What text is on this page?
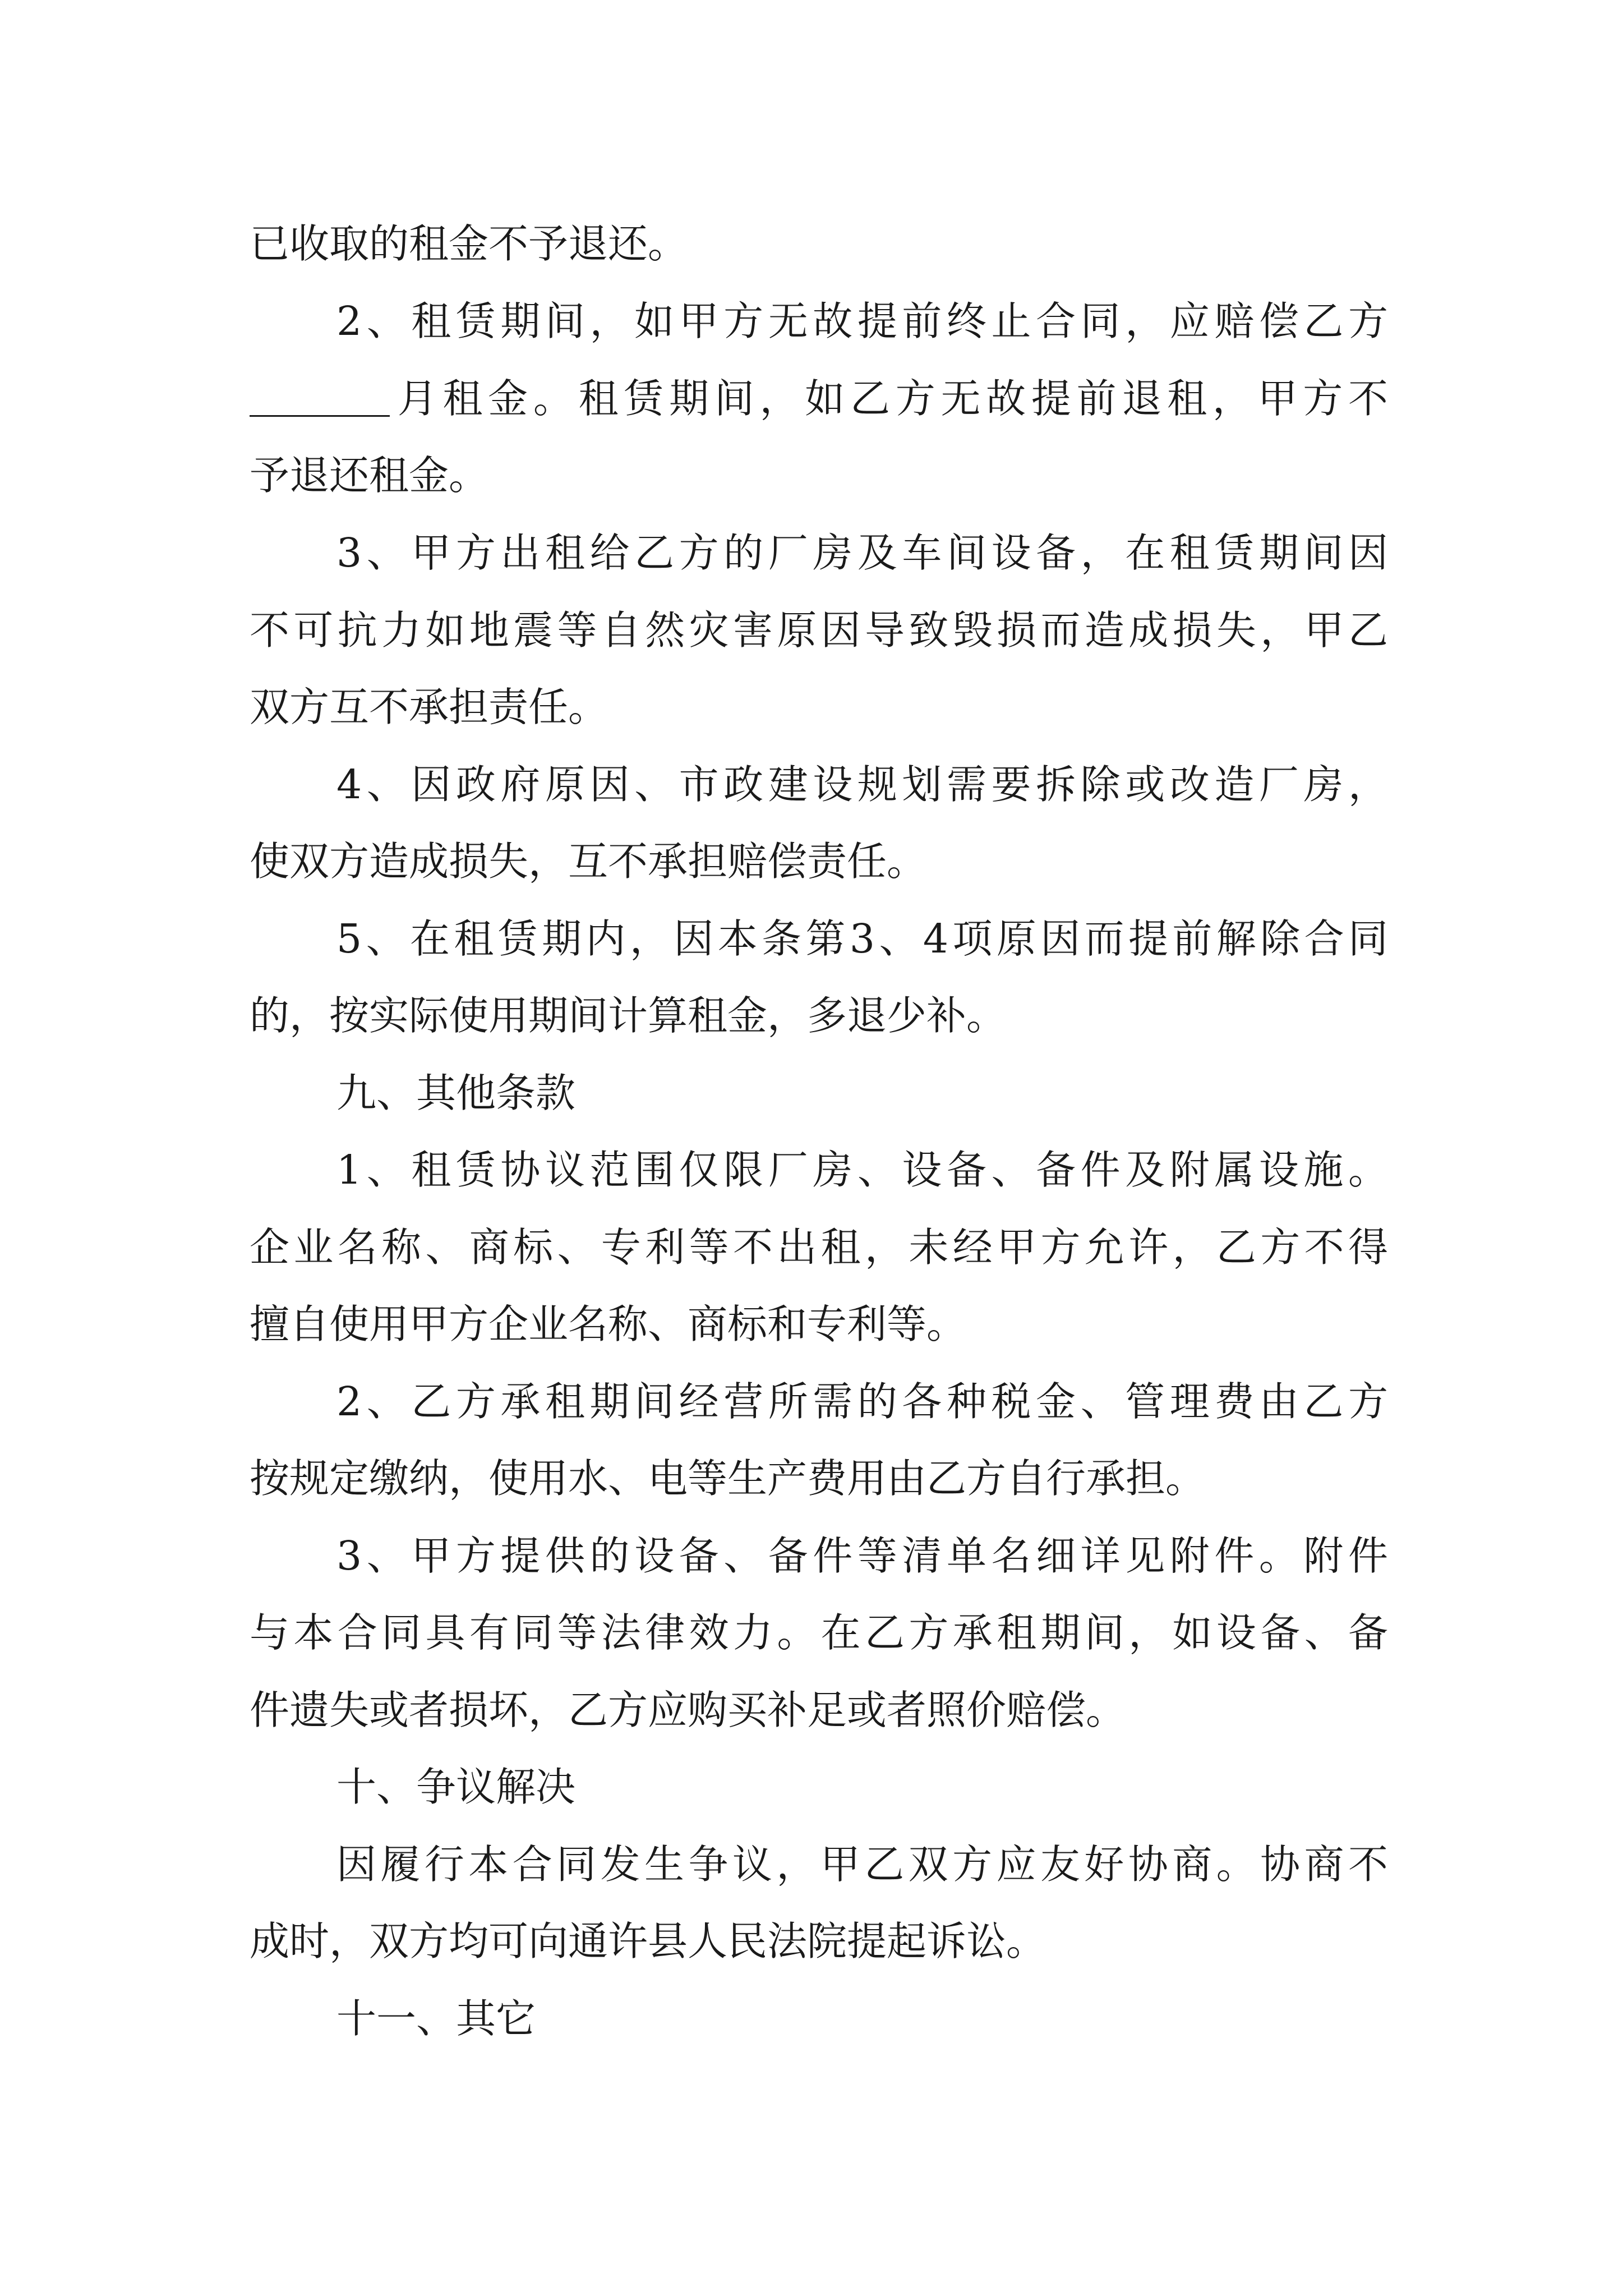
已收取的租金不予退还。
2、租赁期间，如甲方无故提前终止合同，应赔偿乙方
月租金。租赁期间，如乙方无故提前退租，甲方不
予退还租金。
3、甲方出租给乙方的厂房及车间设备，在租赁期间因
不可抗力如地震等自然灾害原因导致毁损而造成损失，甲乙
双方互不承担责任。
4、因政府原因、市政建设规划需要拆除或改造厂房，
使双方造成损失，互不承担赔偿责任。
5、在租赁期内，因本条第3、4项原因而提前解除合同
的，按实际使用期间计算租金，多退少补。
九、其他条款
1、租赁协议范围仅限厂房、设备、备件及附属设施。
企业名称、商标、专利等不出租，未经甲方允许，乙方不得
擅自使用甲方企业名称、商标和专利等。
2、乙方承租期间经营所需的各种税金、管理费由乙方
按规定缴纳，使用水、电等生产费用由乙方自行承担。
3、甲方提供的设备、备件等清单名细详见附件。附件
与本合同具有同等法律效力。在乙方承租期间，如设备、备
件遗失或者损坏，乙方应购买补足或者照价赔偿。
十、争议解决
因履行本合同发生争议，甲乙双方应友好协商。协商不
成时，双方均可向通许县人民法院提起诉讼。
十一、其它
